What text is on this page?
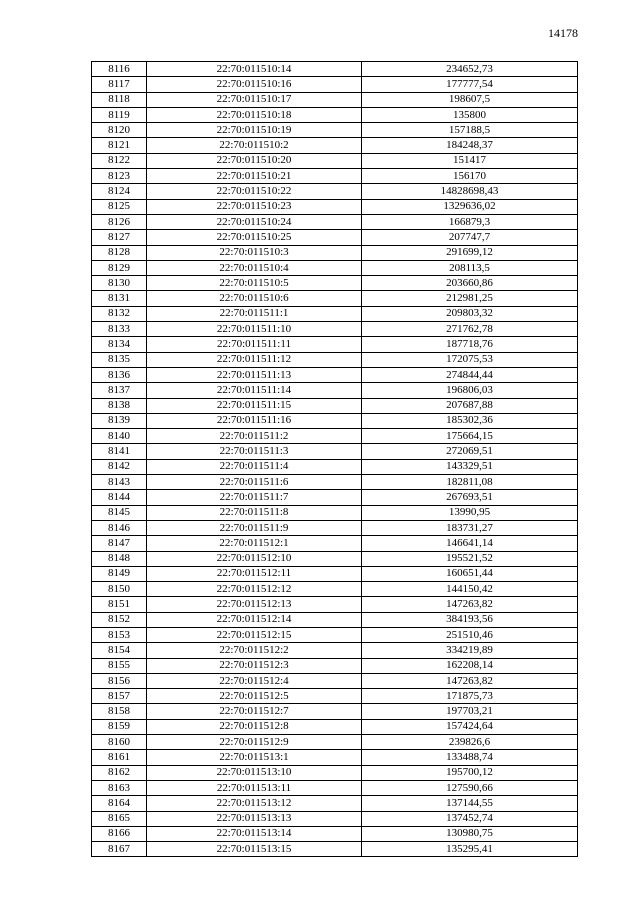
14178
8116	22:70:011510:14	234652,73
8117	22:70:011510:16	177777,54
8118	22:70:011510:17	198607,5
8119	22:70:011510:18	135800
8120	22:70:011510:19	157188,5
8121	22:70:011510:2	184248,37
8122	22:70:011510:20	151417
8123	22:70:011510:21	156170
8124	22:70:011510:22	14828698,43
8125	22:70:011510:23	1329636,02
8126	22:70:011510:24	166879,3
8127	22:70:011510:25	207747,7
8128	22:70:011510:3	291699,12
8129	22:70:011510:4	208113,5
8130	22:70:011510:5	203660,86
8131	22:70:011510:6	212981,25
8132	22:70:011511:1	209803,32
8133	22:70:011511:10	271762,78
8134	22:70:011511:11	187718,76
8135	22:70:011511:12	172075,53
8136	22:70:011511:13	274844,44
8137	22:70:011511:14	196806,03
8138	22:70:011511:15	207687,88
8139	22:70:011511:16	185302,36
8140	22:70:011511:2	175664,15
8141	22:70:011511:3	272069,51
8142	22:70:011511:4	143329,51
8143	22:70:011511:6	182811,08
8144	22:70:011511:7	267693,51
8145	22:70:011511:8	13990,95
8146	22:70:011511:9	183731,27
8147	22:70:011512:1	146641,14
8148	22:70:011512:10	195521,52
8149	22:70:011512:11	160651,44
8150	22:70:011512:12	144150,42
8151	22:70:011512:13	147263,82
8152	22:70:011512:14	384193,56
8153	22:70:011512:15	251510,46
8154	22:70:011512:2	334219,89
8155	22:70:011512:3	162208,14
8156	22:70:011512:4	147263,82
8157	22:70:011512:5	171875,73
8158	22:70:011512:7	197703,21
8159	22:70:011512:8	157424,64
8160	22:70:011512:9	239826,6
8161	22:70:011513:1	133488,74
8162	22:70:011513:10	195700,12
8163	22:70:011513:11	127590,66
8164	22:70:011513:12	137144,55
8165	22:70:011513:13	137452,74
8166	22:70:011513:14	130980,75
8167	22:70:011513:15	135295,41
